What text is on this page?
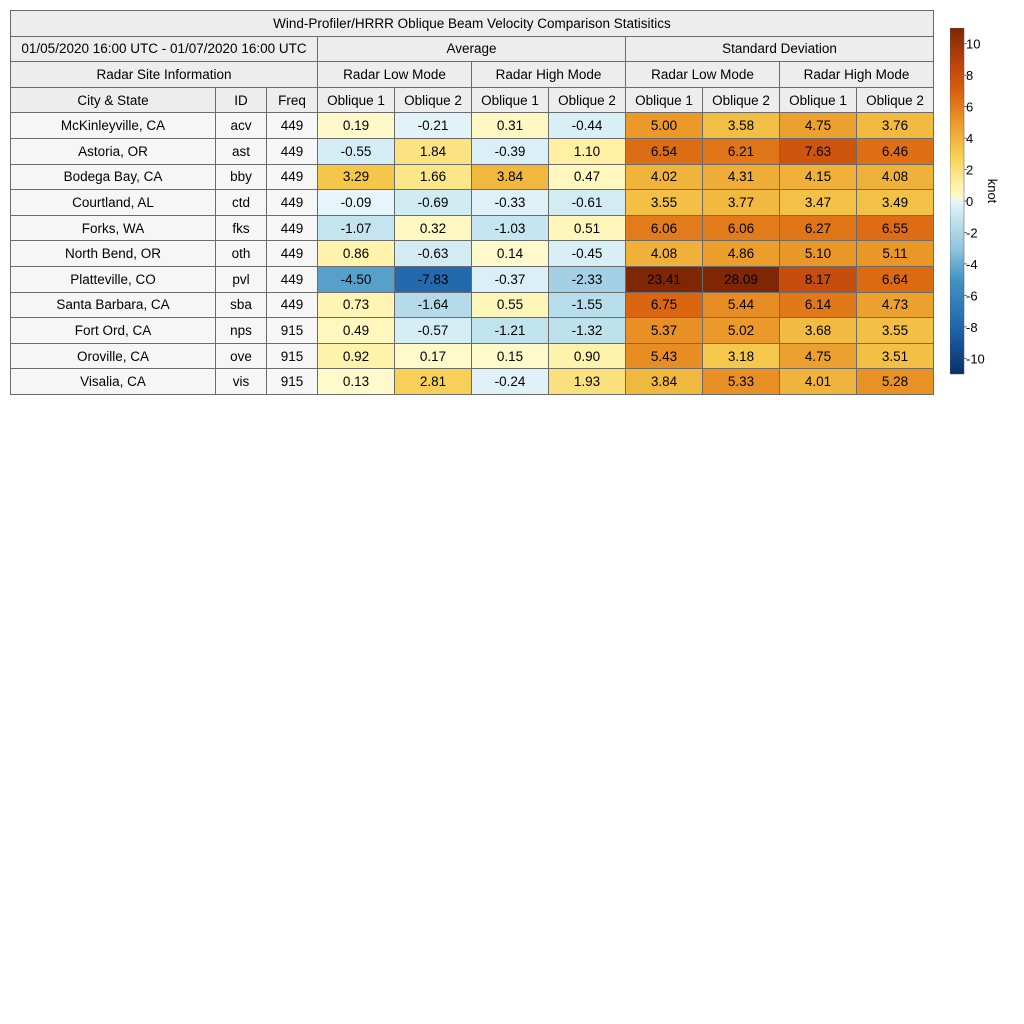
Wind-Profiler/HRRR Oblique Beam Velocity Comparison Statisitics										
01/05/2020 16:00 UTC - 01/07/2020 16:00 UTC			Average				Standard Deviation			
Radar Site Information			Radar Low Mode		Radar High Mode		Radar Low Mode		Radar High Mode	
City & State	ID	Freq	Oblique 1	Oblique 2	Oblique 1	Oblique 2	Oblique 1	Oblique 2	Oblique 1	Oblique 2
McKinleyville, CA	acv	449	0.19	-0.21	0.31	-0.44	5.00	3.58	4.75	3.76
Astoria, OR	ast	449	-0.55	1.84	-0.39	1.10	6.54	6.21	7.63	6.46
Bodega Bay, CA	bby	449	3.29	1.66	3.84	0.47	4.02	4.31	4.15	4.08
Courtland, AL	ctd	449	-0.09	-0.69	-0.33	-0.61	3.55	3.77	3.47	3.49
Forks, WA	fks	449	-1.07	0.32	-1.03	0.51	6.06	6.06	6.27	6.55
North Bend, OR	oth	449	0.86	-0.63	0.14	-0.45	4.08	4.86	5.10	5.11
Platteville, CO	pvl	449	-4.50	-7.83	-0.37	-2.33	23.41	28.09	8.17	6.64
Santa Barbara, CA	sba	449	0.73	-1.64	0.55	-1.55	6.75	5.44	6.14	4.73
Fort Ord, CA	nps	915	0.49	-0.57	-1.21	-1.32	5.37	5.02	3.68	3.55
Oroville, CA	ove	915	0.92	0.17	0.15	0.90	5.43	3.18	4.75	3.51
Visalia, CA	vis	915	0.13	2.81	-0.24	1.93	3.84	5.33	4.01	5.28
10
8
6
4
2
0
-2
-4
-6
-8
-10
knot
